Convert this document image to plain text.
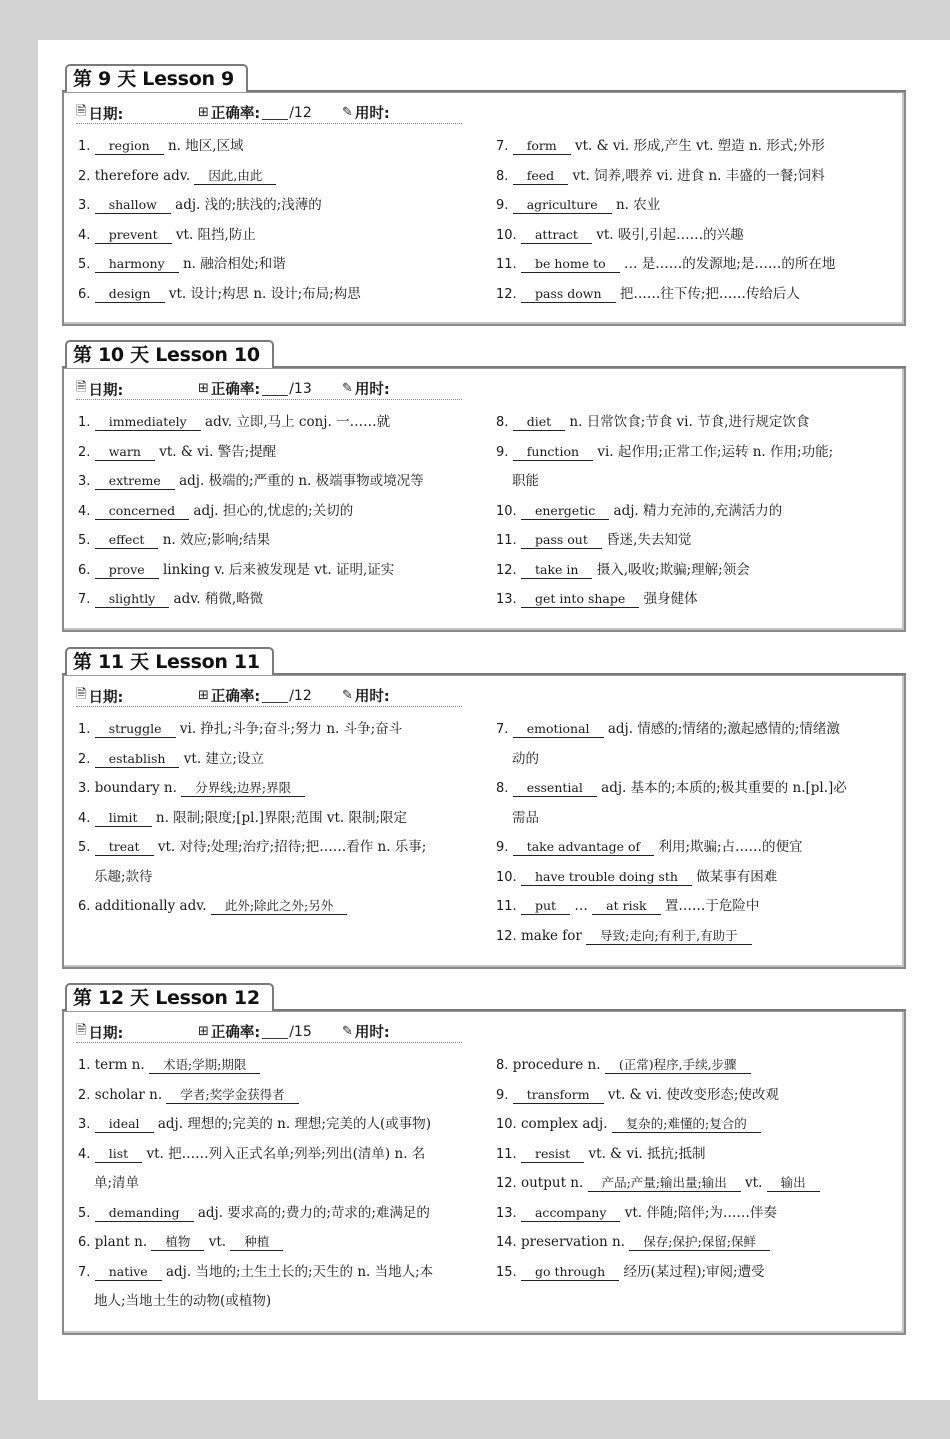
第 9 天 Lesson 9
🗎 日期:	⊞ 正确率: /12 ✎ 用时:
1. region n. 地区,区域
2. therefore adv. 因此,由此
3. shallow adj. 浅的;肤浅的;浅薄的
4. prevent vt. 阻挡,防止
5. harmony n. 融洽相处;和谐
6. design vt. 设计;构思 n. 设计;布局;构思
7. form vt. & vi. 形成,产生 vt. 塑造 n. 形式;外形
8. feed vt. 饲养,喂养 vi. 进食 n. 丰盛的一餐;饲料
9. agriculture n. 农业
10. attract vt. 吸引,引起……的兴趣
11. be home to … 是……的发源地;是……的所在地
12. pass down 把……往下传;把……传给后人
第 10 天 Lesson 10
🗎 日期:	⊞ 正确率: /13 ✎ 用时:
1. immediately adv. 立即,马上 conj. 一……就
2. warn vt. & vi. 警告;提醒
3. extreme adj. 极端的;严重的 n. 极端事物或境况等
4. concerned adj. 担心的,忧虑的;关切的
5. effect n. 效应;影响;结果
6. prove linking v. 后来被发现是 vt. 证明,证实
7. slightly adv. 稍微,略微
8. diet n. 日常饮食;节食 vi. 节食,进行规定饮食
9. function vi. 起作用;正常工作;运转 n. 作用;功能;
职能
10. energetic adj. 精力充沛的,充满活力的
11. pass out 昏迷,失去知觉
12. take in 摄入,吸收;欺骗;理解;领会
13. get into shape 强身健体
第 11 天 Lesson 11
🗎 日期:	⊞ 正确率: /12 ✎ 用时:
1. struggle vi. 挣扎;斗争;奋斗;努力 n. 斗争;奋斗
2. establish vt. 建立;设立
3. boundary n. 分界线;边界;界限
4. limit n. 限制;限度;[pl.]界限;范围 vt. 限制;限定
5. treat vt. 对待;处理;治疗;招待;把……看作 n. 乐事;
乐趣;款待
6. additionally adv. 此外;除此之外;另外
7. emotional adj. 情感的;情绪的;激起感情的;情绪激
动的
8. essential adj. 基本的;本质的;极其重要的 n.[pl.]必
需品
9. take advantage of 利用;欺骗;占……的便宜
10. have trouble doing sth 做某事有困难
11. put … at risk 置……于危险中
12. make for 导致;走向;有利于,有助于
第 12 天 Lesson 12
🗎 日期:	⊞ 正确率: /15 ✎ 用时:
1. term n. 术语;学期;期限
2. scholar n. 学者;奖学金获得者
3. ideal adj. 理想的;完美的 n. 理想;完美的人(或事物)
4. list vt. 把……列入正式名单;列举;列出(清单) n. 名
单;清单
5. demanding adj. 要求高的;费力的;苛求的;难满足的
6. plant n. 植物 vt. 种植
7. native adj. 当地的;土生土长的;天生的 n. 当地人;本
地人;当地土生的动物(或植物)
8. procedure n. (正常)程序,手续,步骤
9. transform vt. & vi. 使改变形态;使改观
10. complex adj. 复杂的;难懂的;复合的
11. resist vt. & vi. 抵抗;抵制
12. output n. 产品;产量;输出量;输出 vt. 输出
13. accompany vt. 伴随;陪伴;为……伴奏
14. preservation n. 保存;保护;保留;保鲜
15. go through 经历(某过程);审阅;遭受
